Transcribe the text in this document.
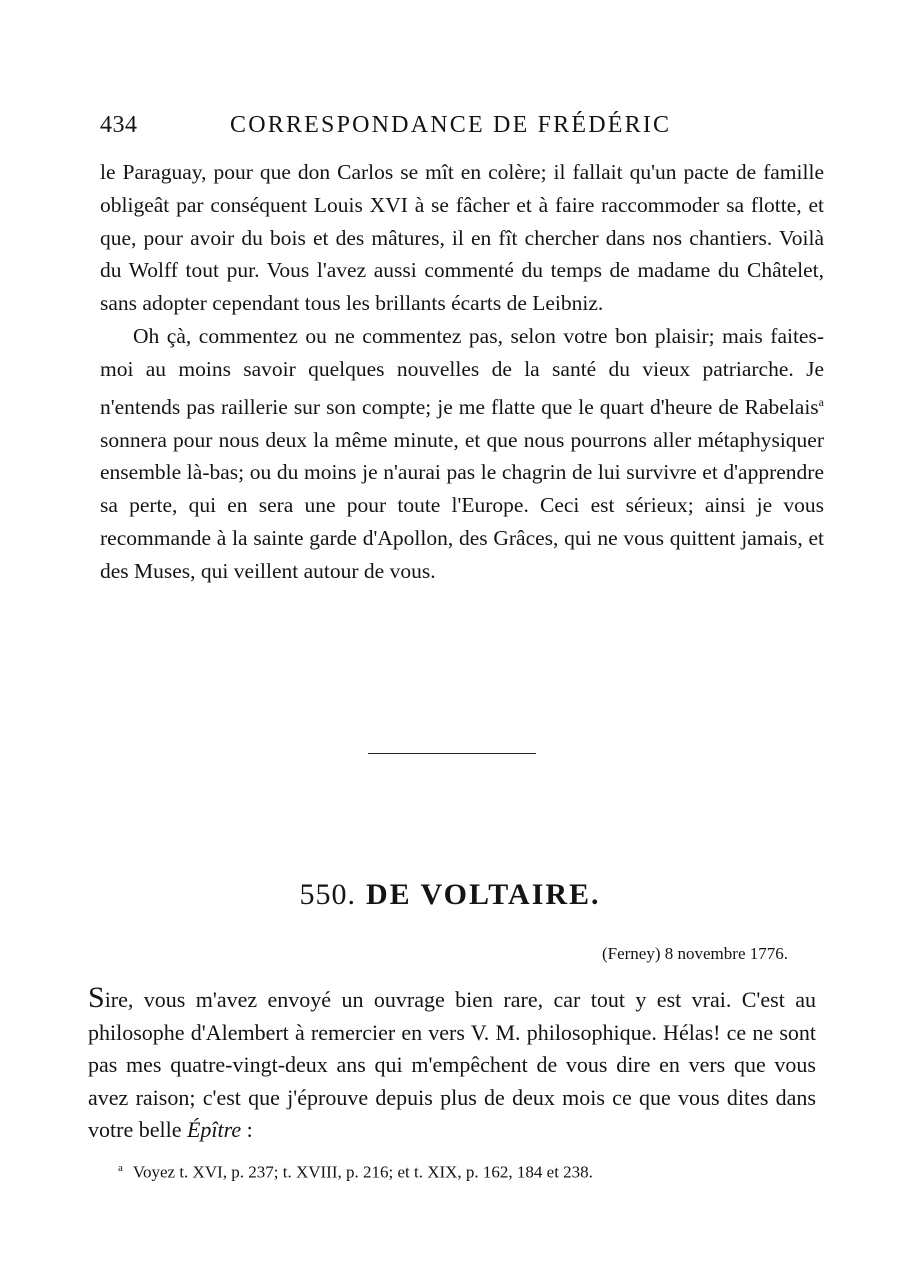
434	CORRESPONDANCE DE FRÉDÉRIC

le Paraguay, pour que don Carlos se mît en colère; il fallait qu'un pacte de famille obligeât par conséquent Louis XVI à se fâcher et à faire raccommoder sa flotte, et que, pour avoir du bois et des mâtures, il en fît chercher dans nos chantiers. Voilà du Wolff tout pur. Vous l'avez aussi commenté du temps de madame du Châtelet, sans adopter cependant tous les brillants écarts de Leibniz.

Oh çà, commentez ou ne commentez pas, selon votre bon plaisir; mais faites-moi au moins savoir quelques nouvelles de la santé du vieux patriarche. Je n'entends pas raillerie sur son compte; je me flatte que le quart d'heure de Rabelais$^a$ sonnera pour nous deux la même minute, et que nous pourrons aller métaphysiquer ensemble là-bas; ou du moins je n'aurai pas le chagrin de lui survivre et d'apprendre sa perte, qui en sera une pour toute l'Europe. Ceci est sérieux; ainsi je vous recommande à la sainte garde d'Apollon, des Grâces, qui ne vous quittent jamais, et des Muses, qui veillent autour de vous.

550. DE VOLTAIRE.
(Ferney) 8 novembre 1776.

Sire, vous m'avez envoyé un ouvrage bien rare, car tout y est vrai. C'est au philosophe d'Alembert à remercier en vers V. M. philosophique. Hélas! ce ne sont pas mes quatre-vingt-deux ans qui m'empêchent de vous dire en vers que vous avez raison; c'est que j'éprouve depuis plus de deux mois ce que vous dites dans votre belle Épître :

$^a$ Voyez t. XVI, p. 237; t. XVIII, p. 216; et t. XIX, p. 162, 184 et 238.
